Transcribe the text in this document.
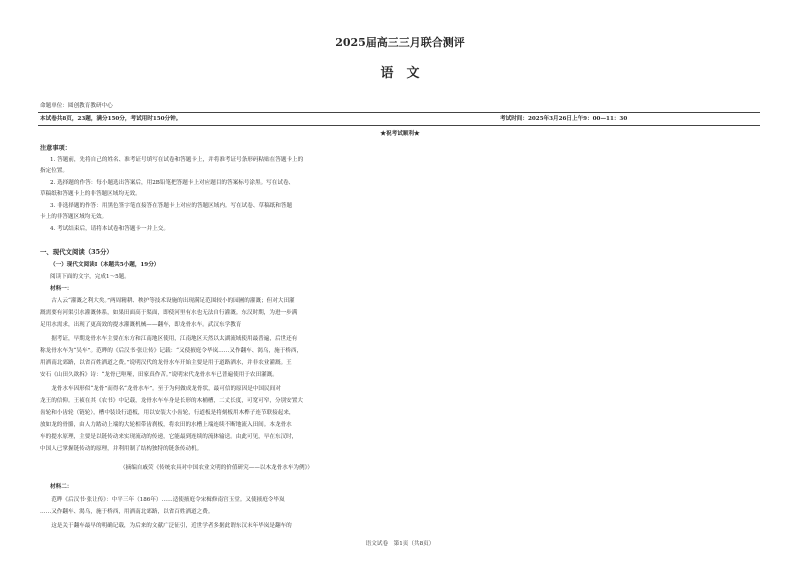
2025届高三三月联合测评
语　文
命题单位：圆创教育教研中心
本试卷共8页，23题，满分150分，考试用时150分钟。	考试时间：2025年3月26日上午9：00—11：30
★祝考试顺利★
注意事项：
1. 答题前，先将自己的姓名、准考证号填写在试卷和答题卡上，并将准考证号条形码粘贴在答题卡上的
指定位置。
2. 选择题的作答：每小题选出答案后，用2B铅笔把答题卡上对应题目的答案标号涂黑。写在试卷、
草稿纸和答题卡上的非答题区域均无效。
3. 非选择题的作答：用黑色签字笔直接答在答题卡上对应的答题区域内。写在试卷、草稿纸和答题
卡上的非答题区域均无效。
4. 考试结束后，请将本试卷和答题卡一并上交。
一、现代文阅读（35分）
（一）现代文阅读Ⅰ（本题共5小题，19分）
阅读下面的文字，完成1～5题。
材料一：
　　古人云“灌溉之利大矣。”两周精耕、秧护等技术设施的出现满足范围较小的园圃的灌溉；但对大田灌
溉需要有河渠引水灌溉体系，如果田面高于渠面，即使河里有水也无法自行灌溉。东汉时期，为进一步满
足用水需求，出现了更高效的提水灌溉机械——翻车，即龙骨水车。武汉东学教育
　　据考证，早期龙骨水车主要在东方和江南地区使用，江南地区天然以太湖流域使用最普遍，后世还有
称龙骨水车为“吴车”。范晔的《后汉书·张让传》记载：“又使掖庭令毕岚……又作翻车、渴乌，施于桥西，
用洒南北郊路，以省百姓洒道之费。”说明汉代的龙骨水车开始主要是用于道路洒水，并非农业灌溉。王
安石《山田久欲拆》诗：“龙骨已呕哑，田家真作苦。”说明宋代龙骨水车已普遍使用于农田灌溉。
　　龙骨水车因形似“龙骨”而得名“龙骨水车”。至于为何做成龙骨状，最可信的原因是中国民间对
龙王的信仰。王祯在其《农书》中记载，龙骨水车车身是长形的木桶槽，二丈长度，可宽可窄，分别安置大
齿轮和小齿轮（链轮），槽中装设行道板，用以安装大小齿轮，行道板是将刻板用木榫子连节联接起来，
放如龙的骨骼，由人力踏动上端的大轮相带齿刹板，将农田的水槽上端连续不断地流入田间。本龙骨水
车的提水原理，主要是以链传动来实现流动的传递，它能最到连续的流体输送。由此可见，早在东汉时，
中国人已掌握链传动的原理，并利用制了结构独特的链条传动机。
（摘编自戚荧《传统农具对中国农业文明的价值研究——以木龙骨水车为例》）
材料二：
　　范晔《后汉书·张让传》：中平三年（186年）……适使掖庭令宋楫修南宫玉堂。又使掖庭令毕岚
……又作翻车、渴乌，施于桥西，用洒南北郊路，以省百姓洒道之费。
　　这是关于翻车最早的明确记载，为后来的文献广泛征引，近世学者多据此谓东汉末年毕岚是翻车的
语文试卷　第1页（共8页）
